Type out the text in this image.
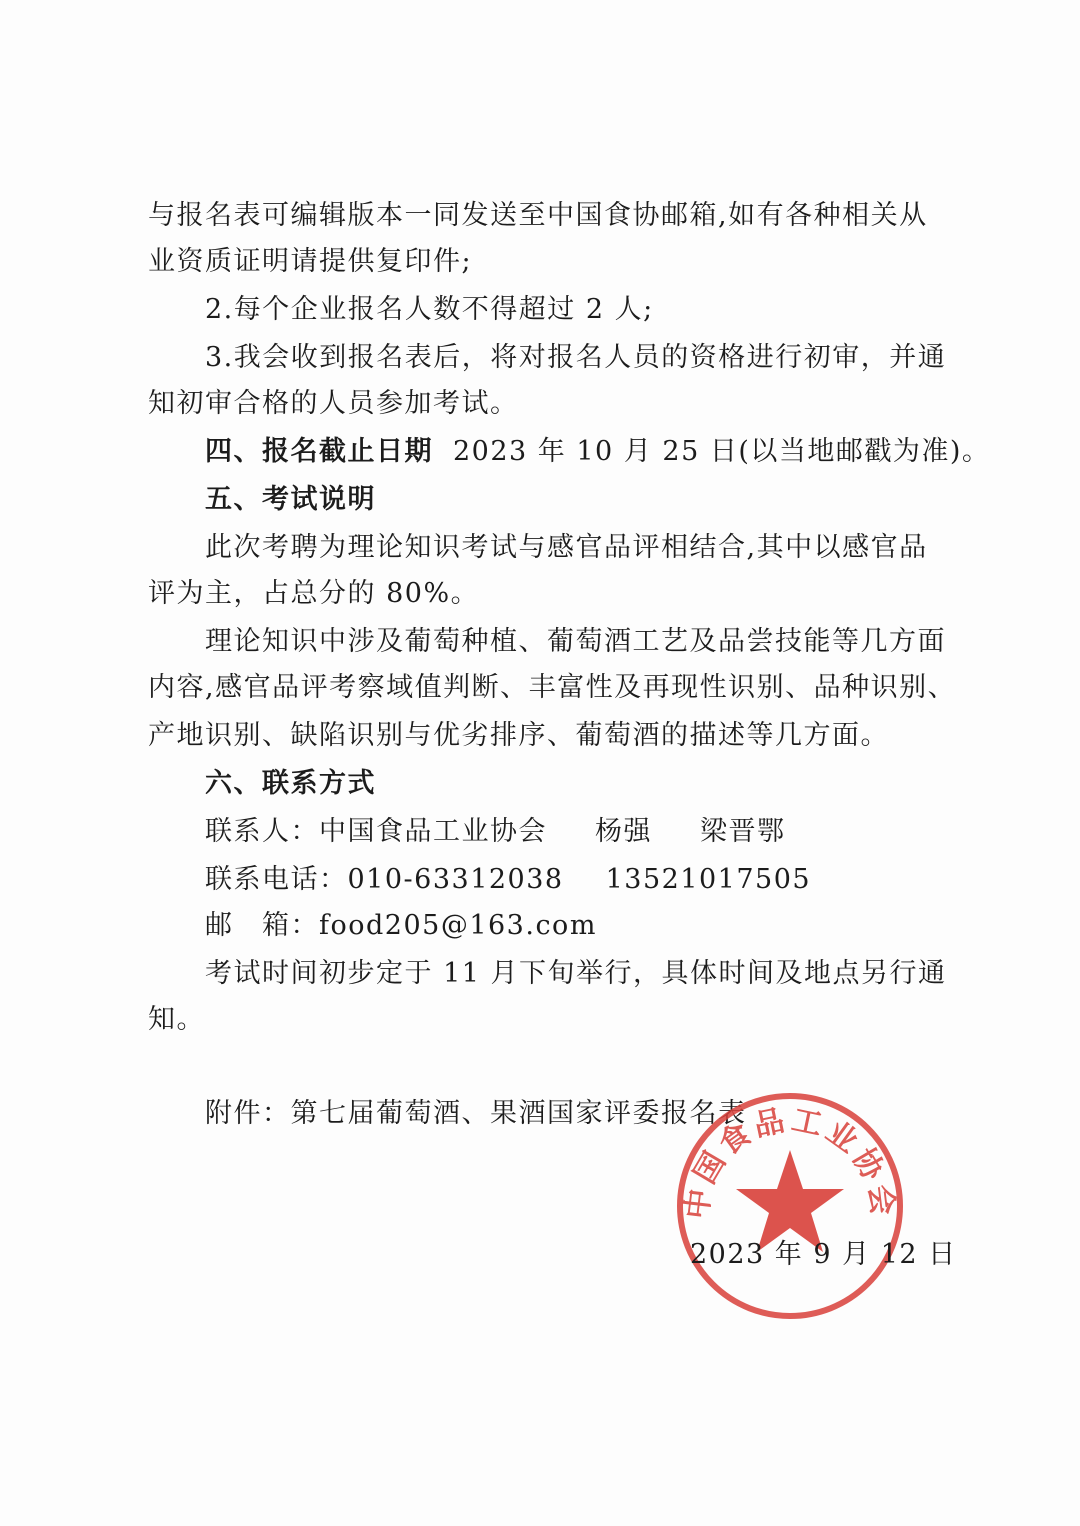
与报名表可编辑版本一同发送至中国食协邮箱,如有各种相关从
业资质证明请提供复印件;
2.每个企业报名人数不得超过 2 人;
3.我会收到报名表后，将对报名人员的资格进行初审，并通
知初审合格的人员参加考试。
四、报名截止日期 2023 年 10 月 25 日(以当地邮戳为准)。
五、考试说明
此次考聘为理论知识考试与感官品评相结合,其中以感官品
评为主，占总分的 80%。
理论知识中涉及葡萄种植、葡萄酒工艺及品尝技能等几方面
内容,感官品评考察域值判断、丰富性及再现性识别、品种识别、
产地识别、缺陷识别与优劣排序、葡萄酒的描述等几方面。
六、联系方式
联系人：中国食品工业协会 杨强 梁晋鄂
联系电话：010-63312038 13521017505
邮　箱：food205@163.com
考试时间初步定于 11 月下旬举行，具体时间及地点另行通
知。
附件：第七届葡萄酒、果酒国家评委报名表
中国食品工业协会
2023 年 9 月 12 日
